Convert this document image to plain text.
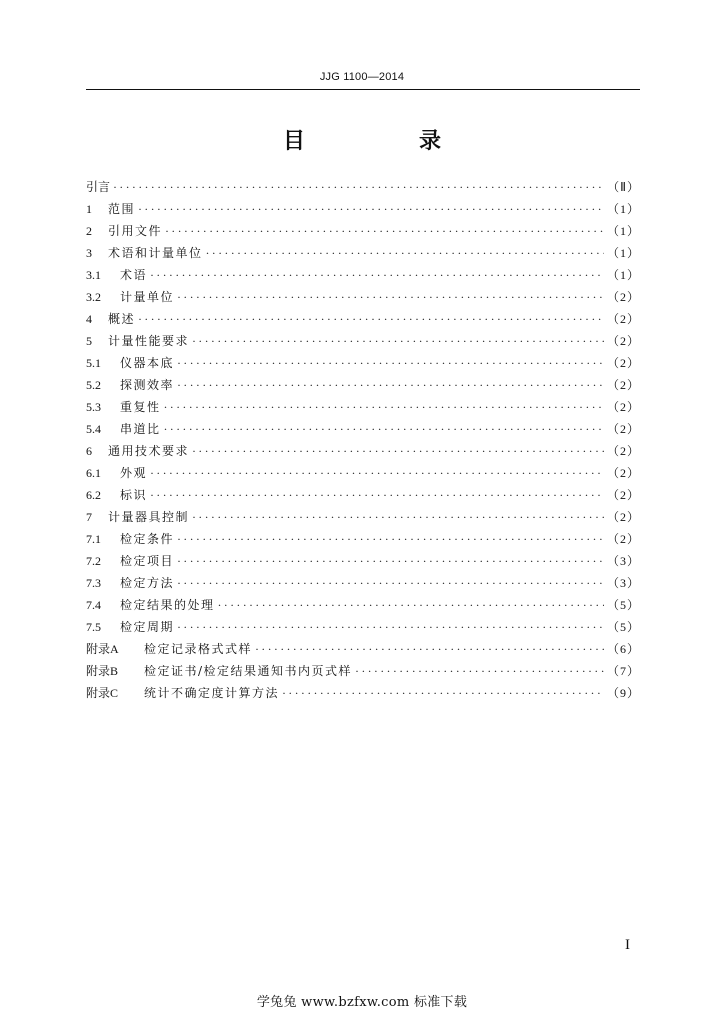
JJG 1100—2014
目　录
引言 ·····	（Ⅱ）
1	范围 ·····	（1）
2	引用文件 ·····	（1）
3	术语和计量单位 ·····	（1）
3.1	术语 ·····	（1）
3.2	计量单位 ·····	（2）
4	概述 ·····	（2）
5	计量性能要求 ·····	（2）
5.1	仪器本底 ·····	（2）
5.2	探测效率 ·····	（2）
5.3	重复性 ·····	（2）
5.4	串道比 ·····	（2）
6	通用技术要求 ·····	（2）
6.1	外观 ·····	（2）
6.2	标识 ·····	（2）
7	计量器具控制 ·····	（2）
7.1	检定条件 ·····	（2）
7.2	检定项目 ·····	（3）
7.3	检定方法 ·····	（3）
7.4	检定结果的处理 ·····	（5）
7.5	检定周期 ·····	（5）
附录A	检定记录格式式样 ·····	（6）
附录B	检定证书/检定结果通知书内页式样 ·····	（7）
附录C	统计不确定度计算方法 ·····	（9）
I
学兔兔 www.bzfxw.com 标准下载
